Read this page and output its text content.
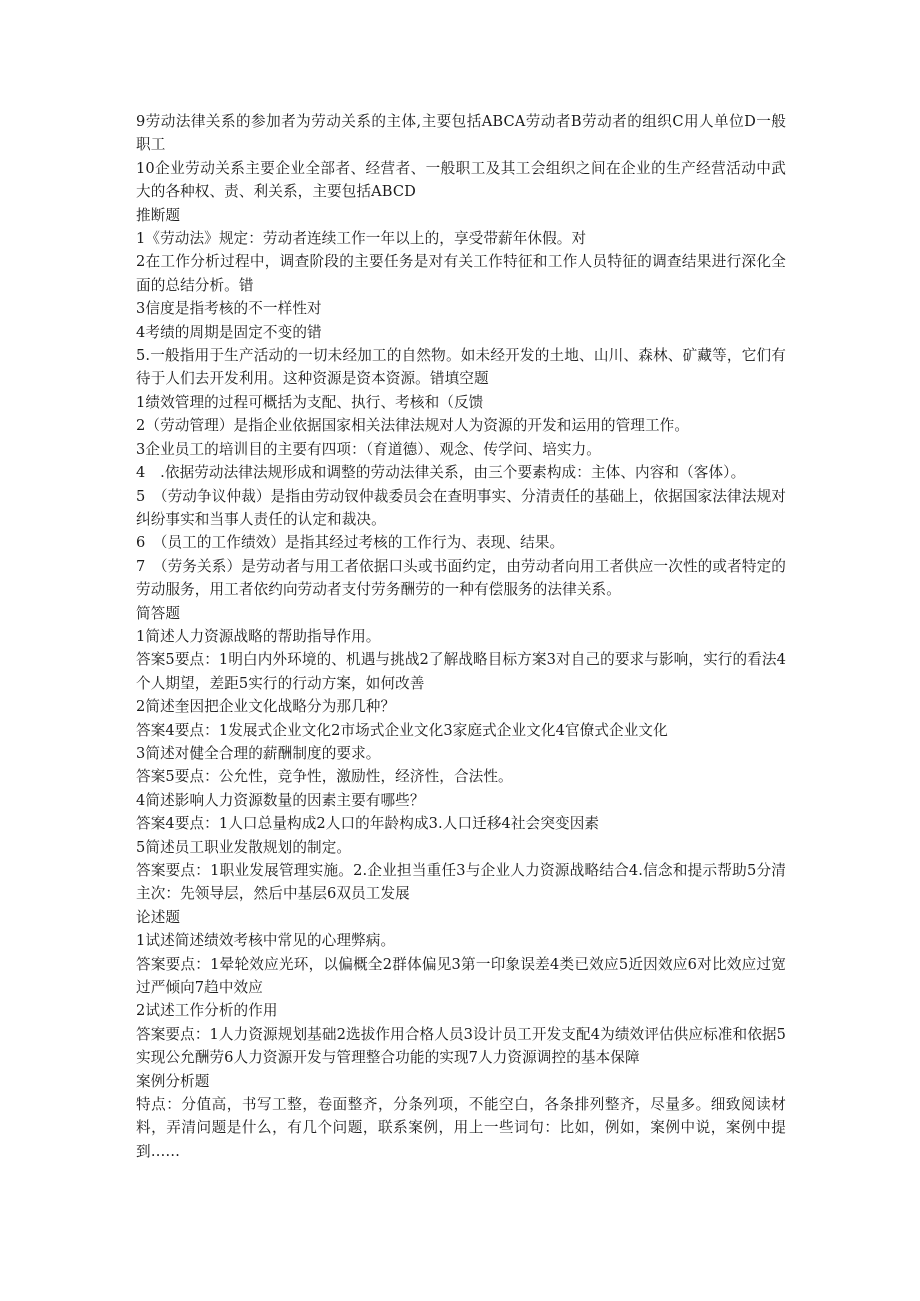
9劳动法律关系的参加者为劳动关系的主体,主要包括ABCA劳动者B劳动者的组织C用人单位D一般职工

10企业劳动关系主要企业全部者、经营者、一般职工及其工会组织之间在企业的生产经营活动中武大的各种权、责、利关系，主要包括ABCD

推断题

1《劳动法》规定：劳动者连续工作一年以上的，享受带薪年休假。对

2在工作分析过程中，调查阶段的主要任务是对有关工作特征和工作人员特征的调查结果进行深化全面的总结分析。错

3信度是指考核的不一样性对

4考绩的周期是固定不变的错

5.一般指用于生产活动的一切未经加工的自然物。如未经开发的土地、山川、森林、矿藏等，它们有待于人们去开发利用。这种资源是资本资源。错填空题

1绩效管理的过程可概括为支配、执行、考核和（反馈

2（劳动管理）是指企业依据国家相关法律法规对人为资源的开发和运用的管理工作。

3企业员工的培训目的主要有四项：（育道德）、观念、传学问、培实力。

4　.依据劳动法律法规形成和调整的劳动法律关系，由三个要素构成：主体、内容和（客体）。

5　（劳动争议仲裁）是指由劳动钗仲裁委员会在查明事实、分清责任的基础上，依据国家法律法规对纠纷事实和当事人责任的认定和裁决。

6　（员工的工作绩效）是指其经过考核的工作行为、表现、结果。

7　（劳务关系）是劳动者与用工者依据口头或书面约定，由劳动者向用工者供应一次性的或者特定的劳动服务，用工者依约向劳动者支付劳务酬劳的一种有偿服务的法律关系。

简答题

1简述人力资源战略的帮助指导作用。

答案5要点：1明白内外环境的、机遇与挑战2了解战略目标方案3对自己的要求与影响，实行的看法4个人期望，差距5实行的行动方案，如何改善

2简述奎因把企业文化战略分为那几种？

答案4要点：1发展式企业文化2市场式企业文化3家庭式企业文化4官僚式企业文化

3简述对健全合理的薪酬制度的要求。

答案5要点：公允性，竞争性，激励性，经济性，合法性。

4简述影响人力资源数量的因素主要有哪些？

答案4要点：1人口总量构成2人口的年龄构成3.人口迁移4社会突变因素

5简述员工职业发散规划的制定。

答案要点：1职业发展管理实施。2.企业担当重任3与企业人力资源战略结合4.信念和提示帮助5分清主次：先领导层，然后中基层6双员工发展

论述题

1试述简述绩效考核中常见的心理弊病。

答案要点：1晕轮效应光环，以偏概全2群体偏见3第一印象误差4类已效应5近因效应6对比效应过宽过严倾向7趋中效应

2试述工作分析的作用

答案要点：1人力资源规划基础2选拔作用合格人员3设计员工开发支配4为绩效评估供应标准和依据5实现公允酬劳6人力资源开发与管理整合功能的实现7人力资源调控的基本保障

案例分析题

特点：分值高，书写工整，卷面整齐，分条列项，不能空白，各条排列整齐，尽量多。细致阅读材料，弄清问题是什么，有几个问题，联系案例，用上一些词句：比如，例如，案例中说，案例中提到……
